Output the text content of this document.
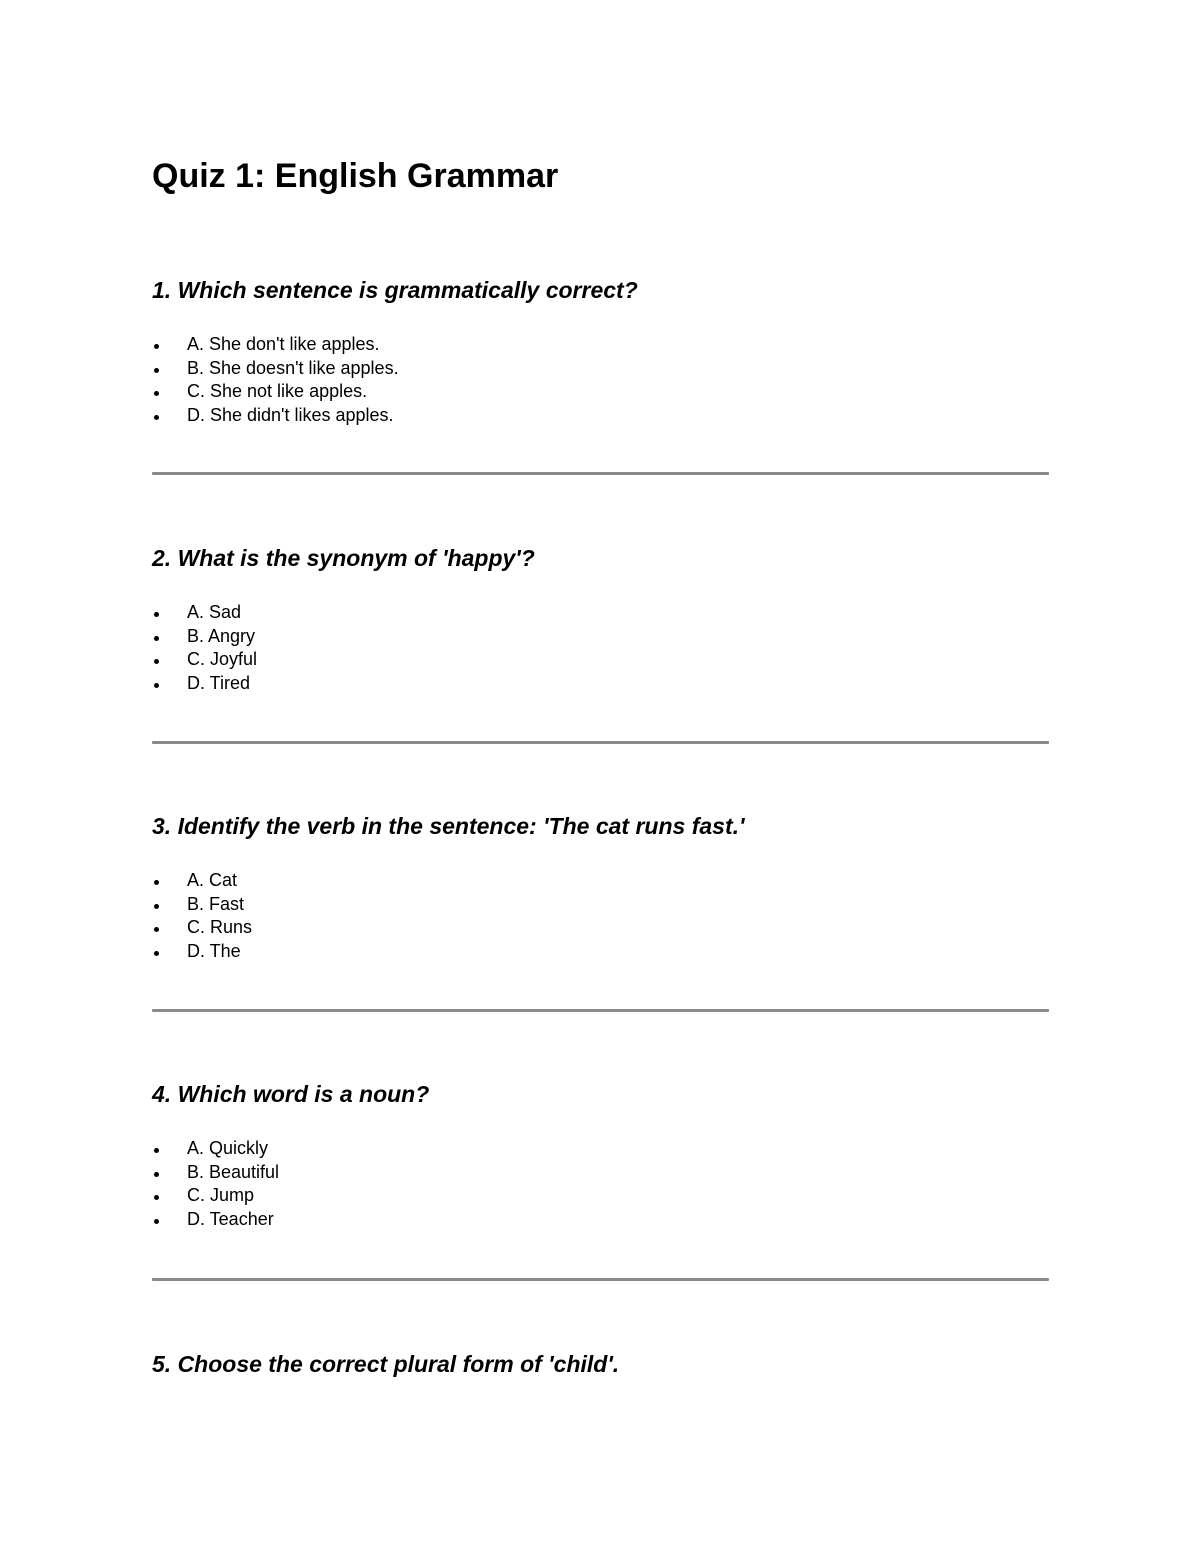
Quiz 1: English Grammar

1. Which sentence is grammatically correct?

A. She don't like apples.
B. She doesn't like apples.
C. She not like apples.
D. She didn't likes apples.

2. What is the synonym of 'happy'?

A. Sad
B. Angry
C. Joyful
D. Tired

3. Identify the verb in the sentence: 'The cat runs fast.'

A. Cat
B. Fast
C. Runs
D. The

4. Which word is a noun?

A. Quickly
B. Beautiful
C. Jump
D. Teacher

5. Choose the correct plural form of 'child'.
